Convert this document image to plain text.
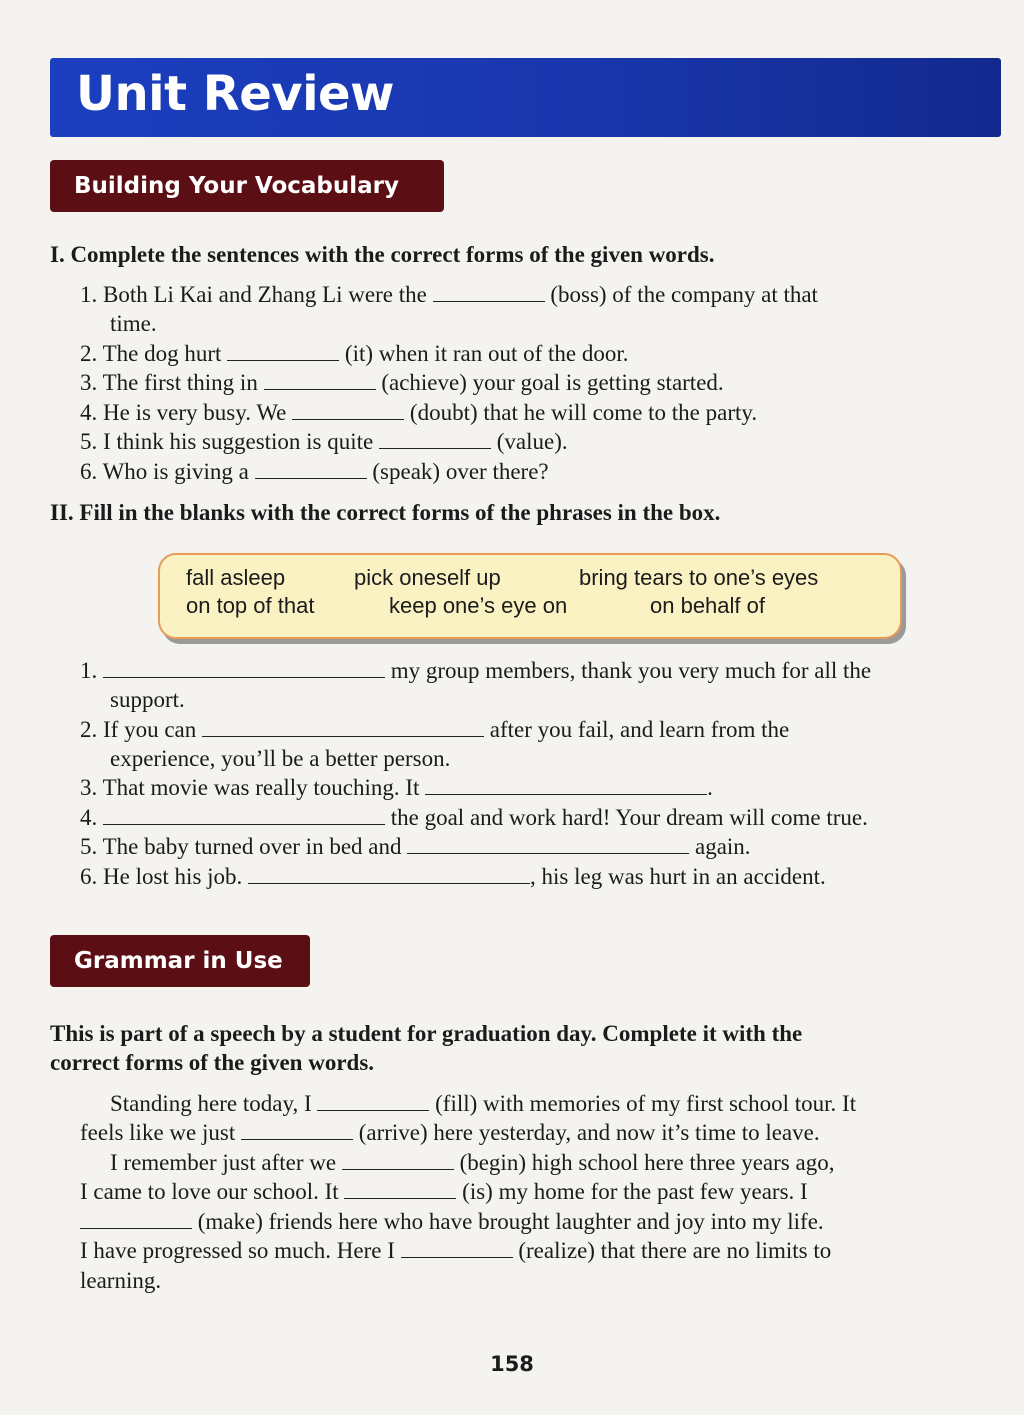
Unit Review
Building Your Vocabulary
I. Complete the sentences with the correct forms of the given words.
1. Both Li Kai and Zhang Li were the	(boss) of the company at that
time.
2. The dog hurt	(it) when it ran out of the door.
3. The first thing in	(achieve) your goal is getting started.
4. He is very busy. We	(doubt) that he will come to the party.
5. I think his suggestion is quite	(value).
6. Who is giving a	(speak) over there?
II. Fill in the blanks with the correct forms of the phrases in the box.
fall asleep	pick oneself up	bring tears to one’s eyes
on top of that	keep one’s eye on	on behalf of
1.	my group members, thank you very much for all the
support.
2. If you can	after you fail, and learn from the
experience, you’ll be a better person.
3. That movie was really touching. It	.
4.	the goal and work hard! Your dream will come true.
5. The baby turned over in bed and	again.
6. He lost his job.	, his leg was hurt in an accident.
Grammar in Use
This is part of a speech by a student for graduation day. Complete it with the
correct forms of the given words.
Standing here today, I	(fill) with memories of my first school tour. It
feels like we just	(arrive) here yesterday, and now it’s time to leave.
I remember just after we	(begin) high school here three years ago,
I came to love our school. It	(is) my home for the past few years. I
(make) friends here who have brought laughter and joy into my life.
I have progressed so much. Here I	(realize) that there are no limits to
learning.
158
